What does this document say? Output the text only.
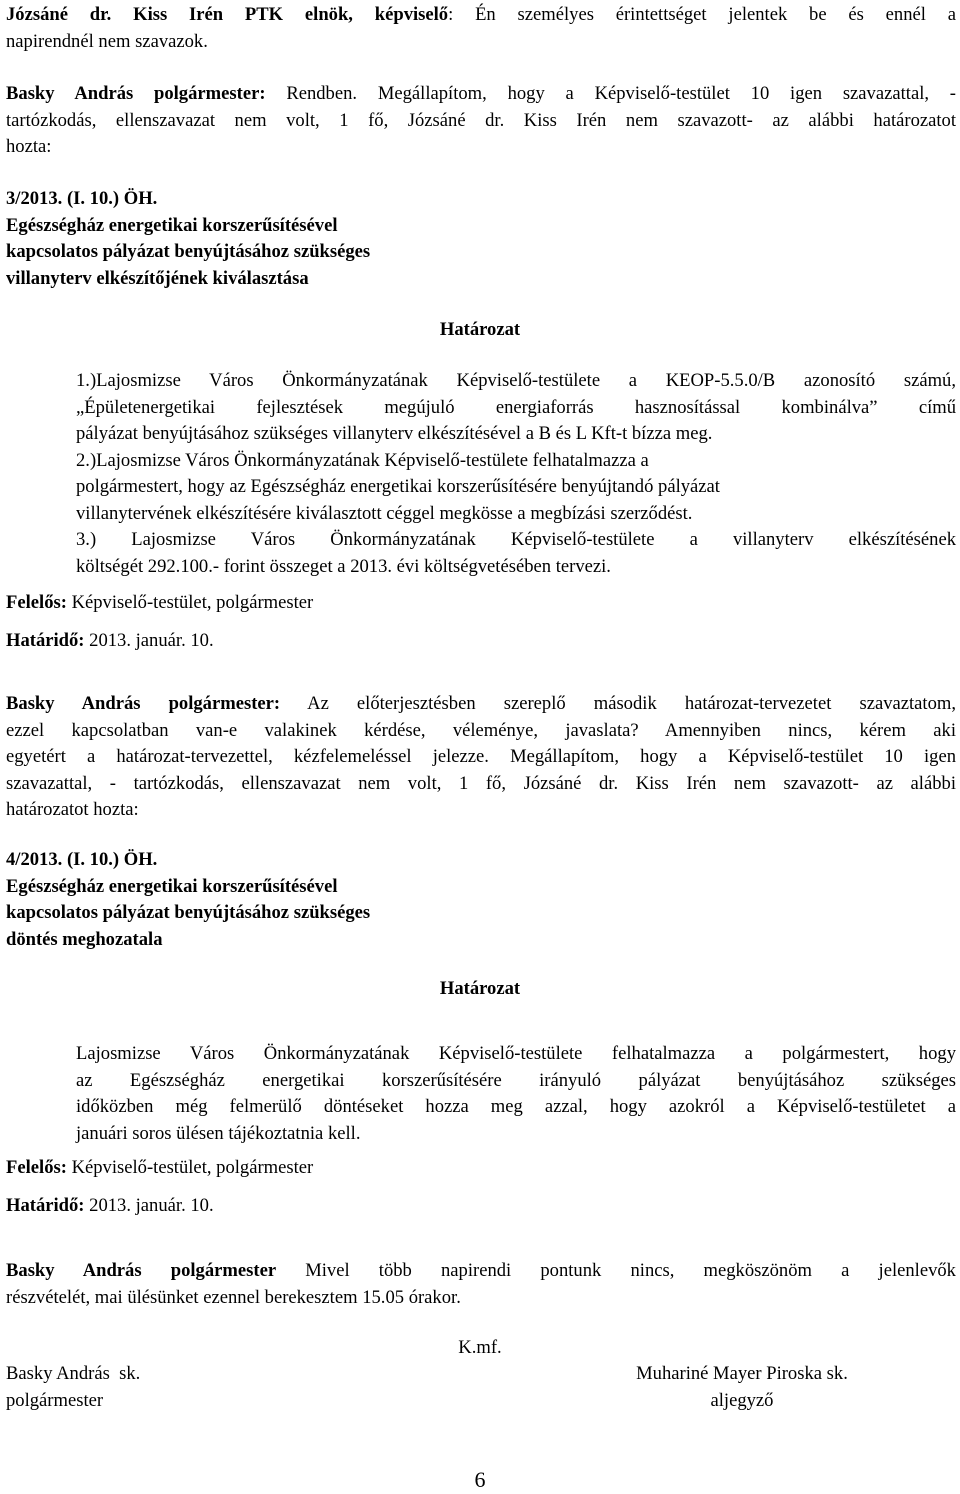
Józsáné dr. Kiss Irén PTK elnök, képviselő: Én személyes érintettséget jelentek be és ennél a
napirendnél nem szavazok.
Basky András polgármester: Rendben. Megállapítom, hogy a Képviselő-testület 10 igen szavazattal, -
tartózkodás, ellenszavazat nem volt, 1 fő, Józsáné dr. Kiss Irén nem szavazott- az alábbi határozatot
hozta:
3/2013. (I. 10.) ÖH.
Egészségház energetikai korszerűsítésével
kapcsolatos pályázat benyújtásához szükséges
villanyterv elkészítőjének kiválasztása
Határozat
1.)Lajosmizse Város Önkormányzatának Képviselő-testülete a KEOP-5.5.0/B azonosító számú,
„Épületenergetikai fejlesztések megújuló energiaforrás hasznosítással kombinálva” című
pályázat benyújtásához szükséges villanyterv elkészítésével a B és L Kft-t bízza meg.
2.)Lajosmizse Város Önkormányzatának Képviselő-testülete felhatalmazza a
polgármestert, hogy az Egészségház energetikai korszerűsítésére benyújtandó pályázat
villanytervének elkészítésére kiválasztott céggel megkösse a megbízási szerződést.
3.) Lajosmizse Város Önkormányzatának Képviselő-testülete a villanyterv elkészítésének
költségét 292.100.- forint összeget a 2013. évi költségvetésében tervezi.
Felelős: Képviselő-testület, polgármester
Határidő: 2013. január. 10.
Basky András polgármester: Az előterjesztésben szereplő második határozat-tervezetet szavaztatom,
ezzel kapcsolatban van-e valakinek kérdése, véleménye, javaslata? Amennyiben nincs, kérem aki
egyetért a határozat-tervezettel, kézfelemeléssel jelezze. Megállapítom, hogy a Képviselő-testület 10 igen
szavazattal, - tartózkodás, ellenszavazat nem volt, 1 fő, Józsáné dr. Kiss Irén nem szavazott- az alábbi
határozatot hozta:
4/2013. (I. 10.) ÖH.
Egészségház energetikai korszerűsítésével
kapcsolatos pályázat benyújtásához szükséges
döntés meghozatala
Határozat
Lajosmizse Város Önkormányzatának Képviselő-testülete felhatalmazza a polgármestert, hogy
az Egészségház energetikai korszerűsítésére irányuló pályázat benyújtásához szükséges
időközben még felmerülő döntéseket hozza meg azzal, hogy azokról a Képviselő-testületet a
januári soros ülésen tájékoztatnia kell.
Felelős: Képviselő-testület, polgármester
Határidő: 2013. január. 10.
Basky András polgármester Mivel több napirendi pontunk nincs, megköszönöm a jelenlevők
részvételét, mai ülésünket ezennel berekesztem 15.05 órakor.
K.mf.
Basky András  sk.
polgármester
Muhariné Mayer Piroska sk.
aljegyző
6
